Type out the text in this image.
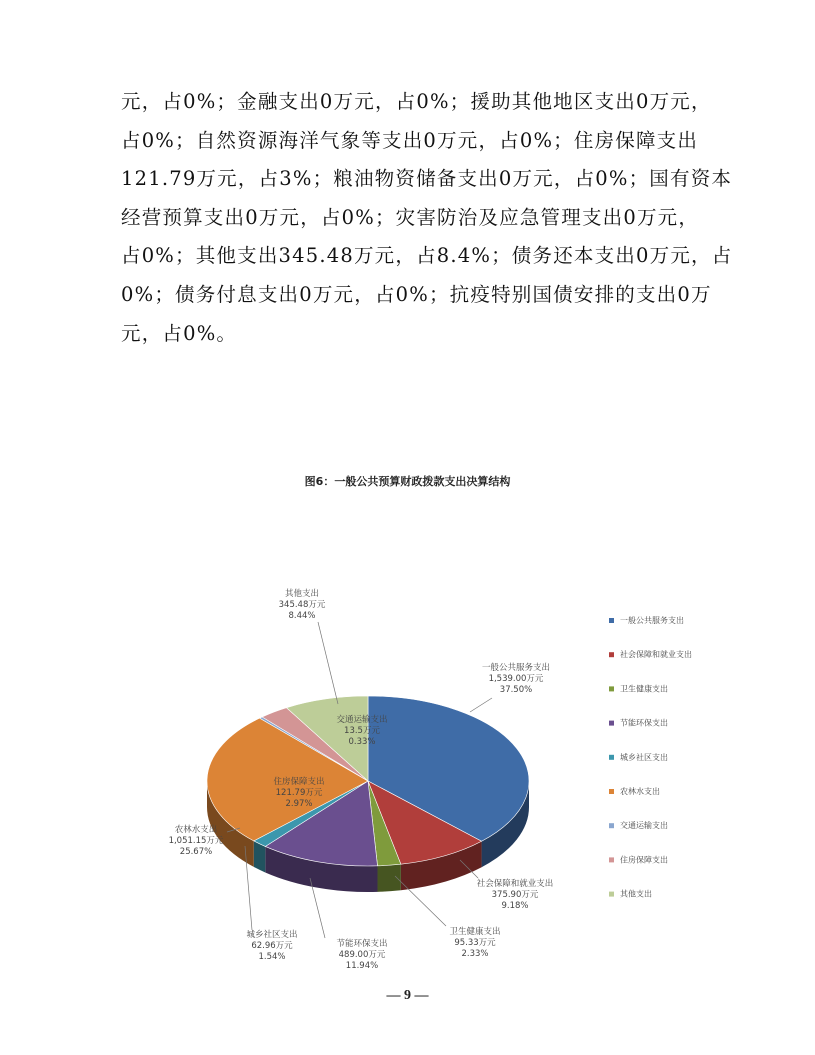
元，占0%；金融支出0万元，占0%；援助其他地区支出0万元，
占0%；自然资源海洋气象等支出0万元，占0%；住房保障支出
121.79万元，占3%；粮油物资储备支出0万元，占0%；国有资本
经营预算支出0万元，占0%；灾害防治及应急管理支出0万元，
占0%；其他支出345.48万元，占8.4%；债务还本支出0万元，占
0%；债务付息支出0万元，占0%；抗疫特别国债安排的支出0万
元，占0%。
图6：一般公共预算财政拨款支出决算结构
一般公共服务支出
1,539.00万元
37.50%
社会保障和就业支出
375.90万元
9.18%
卫生健康支出
95.33万元
2.33%
节能环保支出
489.00万元
11.94%
城乡社区支出
62.96万元
1.54%
农林水支出
1,051.15万元
25.67%
交通运输支出
13.5万元
0.33%
住房保障支出
121.79万元
2.97%
其他支出
345.48万元
8.44%	一般公共服务支出
社会保障和就业支出
卫生健康支出
节能环保支出
城乡社区支出
农林水支出
交通运输支出
住房保障支出
其他支出
— 9 —
